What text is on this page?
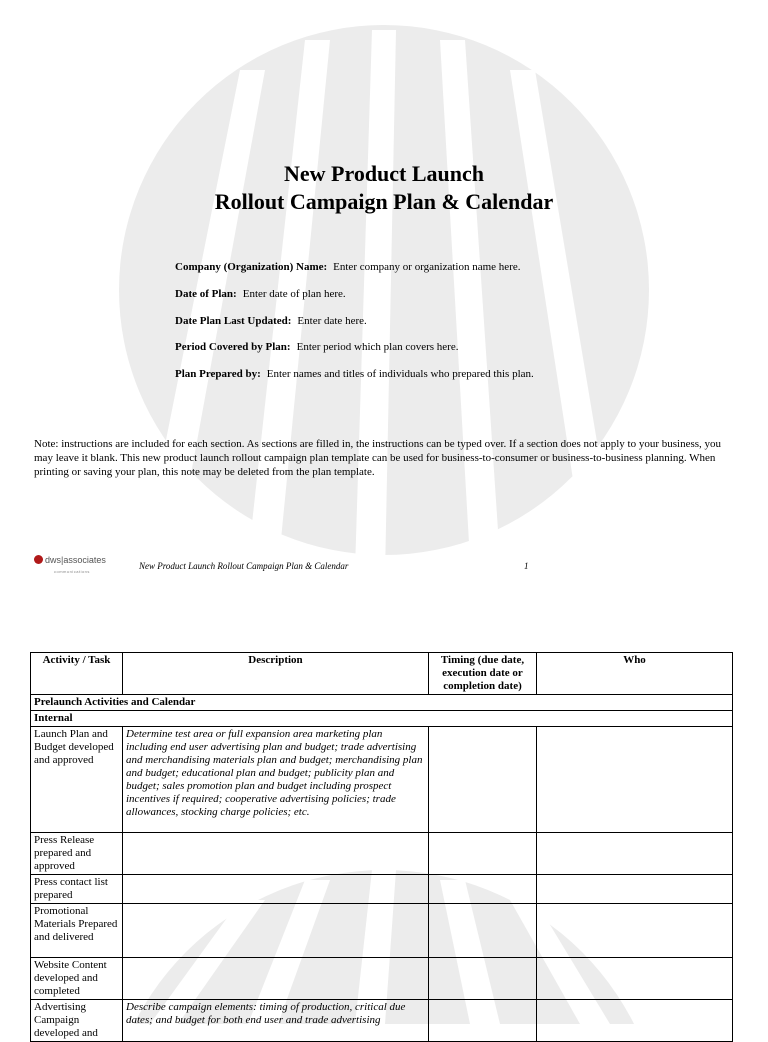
New Product Launch
Rollout Campaign Plan & Calendar
Company (Organization) Name: Enter company or organization name here.
Date of Plan: Enter date of plan here.
Date Plan Last Updated: Enter date here.
Period Covered by Plan: Enter period which plan covers here.
Plan Prepared by: Enter names and titles of individuals who prepared this plan.
Note: instructions are included for each section. As sections are filled in, the instructions can be typed over. If a section does not apply to your business, you may leave it blank. This new product launch rollout campaign plan template can be used for business-to-consumer or business-to-business planning. When printing or saving your plan, this note may be deleted from the plan template.
dws|associates
communications
New Product Launch Rollout Campaign Plan & Calendar	1
Activity / Task	Description	Timing (due date, execution date or completion date)	Who
Prelaunch Activities and Calendar			
Internal			
Launch Plan and Budget developed and approved	Determine test area or full expansion area marketing plan including end user advertising plan and budget; trade advertising and merchandising materials plan and budget; merchandising plan and budget; educational plan and budget; publicity plan and budget; sales promotion plan and budget including prospect incentives if required; cooperative advertising policies; trade allowances, stocking charge policies; etc.		
Press Release prepared and approved			
Press contact list prepared			
Promotional Materials Prepared and delivered			
Website Content developed and completed			
Advertising Campaign developed and	Describe campaign elements: timing of production, critical due dates; and budget for both end user and trade advertising		
